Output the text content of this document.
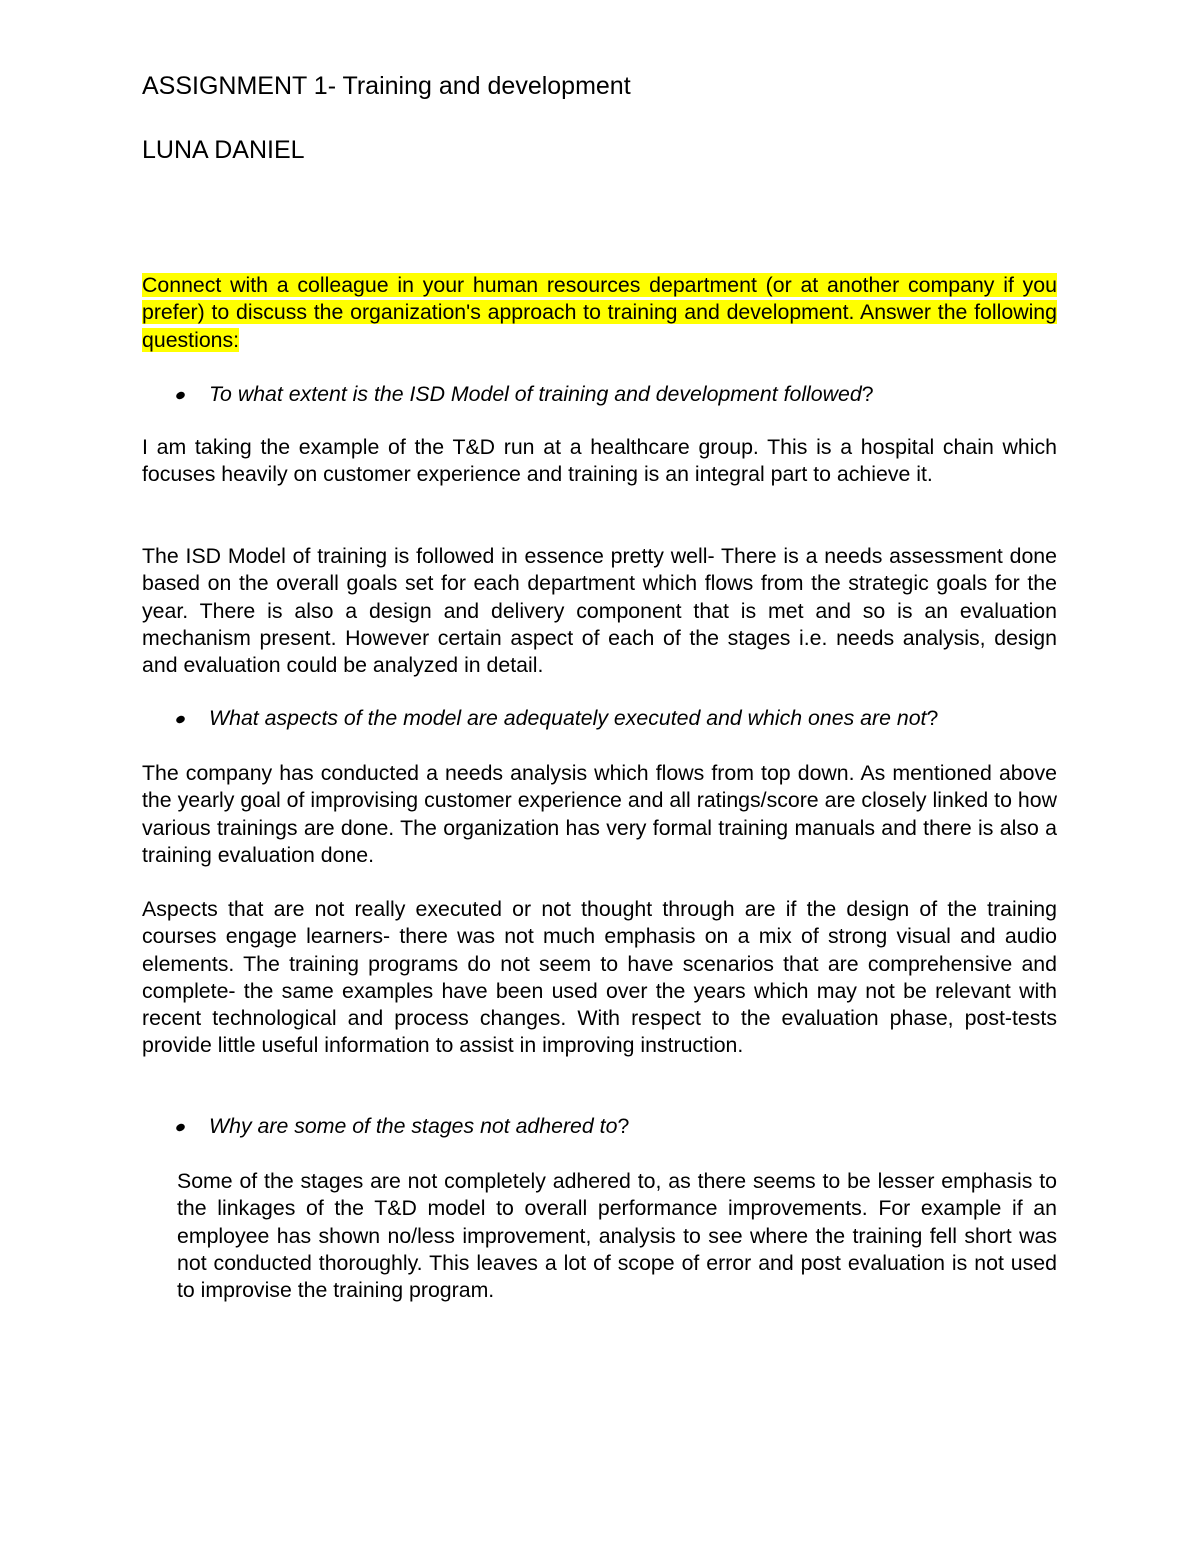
ASSIGNMENT 1- Training and development
LUNA DANIEL

Connect with a colleague in your human resources department (or at another company if you prefer) to discuss the organization's approach to training and development. Answer the following questions:

To what extent is the ISD Model of training and development followed ?

I am taking the example of the T&D run at a healthcare group. This is a hospital chain which focuses heavily on customer experience and training is an integral part to achieve it.

The ISD Model of training is followed in essence pretty well- There is a needs assessment done based on the overall goals set for each department which flows from the strategic goals for the year. There is also a design and delivery component that is met and so is an evaluation mechanism present. However certain aspect of each of the stages i.e. needs analysis, design and evaluation could be analyzed in detail.

What aspects of the model are adequately executed and which ones are not ?

The company has conducted a needs analysis which flows from top down. As mentioned above the yearly goal of improvising customer experience and all ratings/score are closely linked to how various trainings are done. The organization has very formal training manuals and there is also a training evaluation done.

Aspects that are not really executed or not thought through are if the design of the training courses engage learners- there was not much emphasis on a mix of strong visual and audio elements. The training programs do not seem to have scenarios that are comprehensive and complete- the same examples have been used over the years which may not be relevant with recent technological and process changes. With respect to the evaluation phase, post-tests provide little useful information to assist in improving instruction.

Why are some of the stages not adhered to ?

Some of the stages are not completely adhered to, as there seems to be lesser emphasis to the linkages of the T&D model to overall performance improvements. For example if an employee has shown no/less improvement, analysis to see where the training fell short was not conducted thoroughly. This leaves a lot of scope of error and post evaluation is not used to improvise the training program.
